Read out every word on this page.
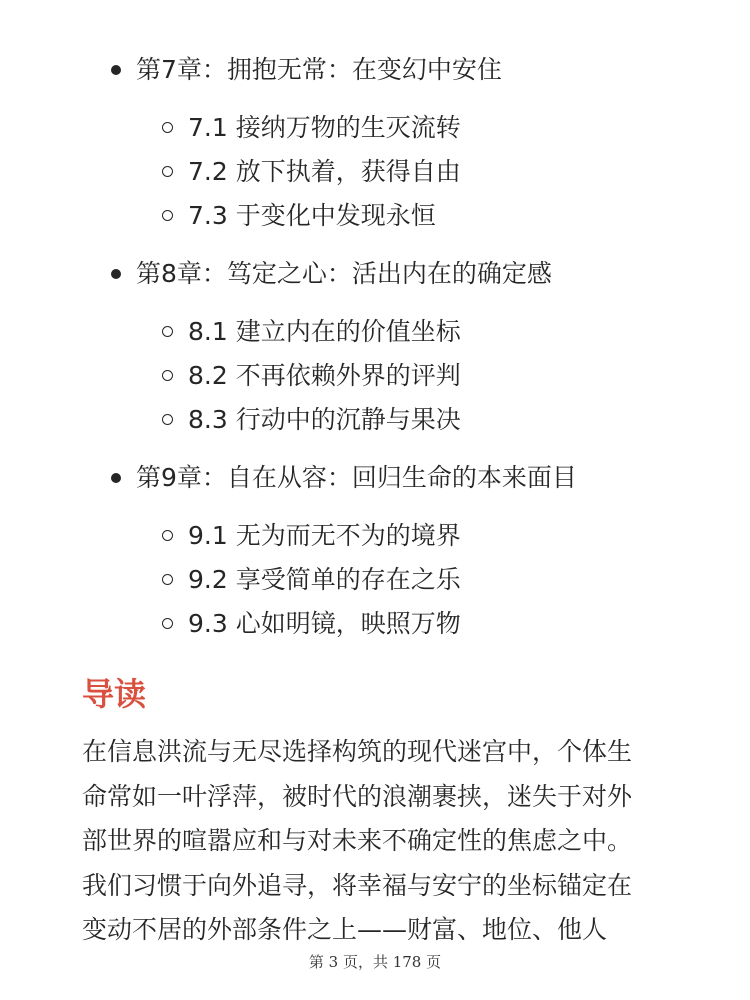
第7章：拥抱无常：在变幻中安住
7.1 接纳万物的生灭流转
7.2 放下执着，获得自由
7.3 于变化中发现永恒
第8章：笃定之心：活出内在的确定感
8.1 建立内在的价值坐标
8.2 不再依赖外界的评判
8.3 行动中的沉静与果决
第9章：自在从容：回归生命的本来面目
9.1 无为而无不为的境界
9.2 享受简单的存在之乐
9.3 心如明镜，映照万物
导读
在信息洪流与无尽选择构筑的现代迷宫中，个体生
命常如一叶浮萍，被时代的浪潮裹挟，迷失于对外
部世界的喧嚣应和与对未来不确定性的焦虑之中。
我们习惯于向外追寻，将幸福与安宁的坐标锚定在
变动不居的外部条件之上——财富、地位、他人
第 3 页，共 178 页
